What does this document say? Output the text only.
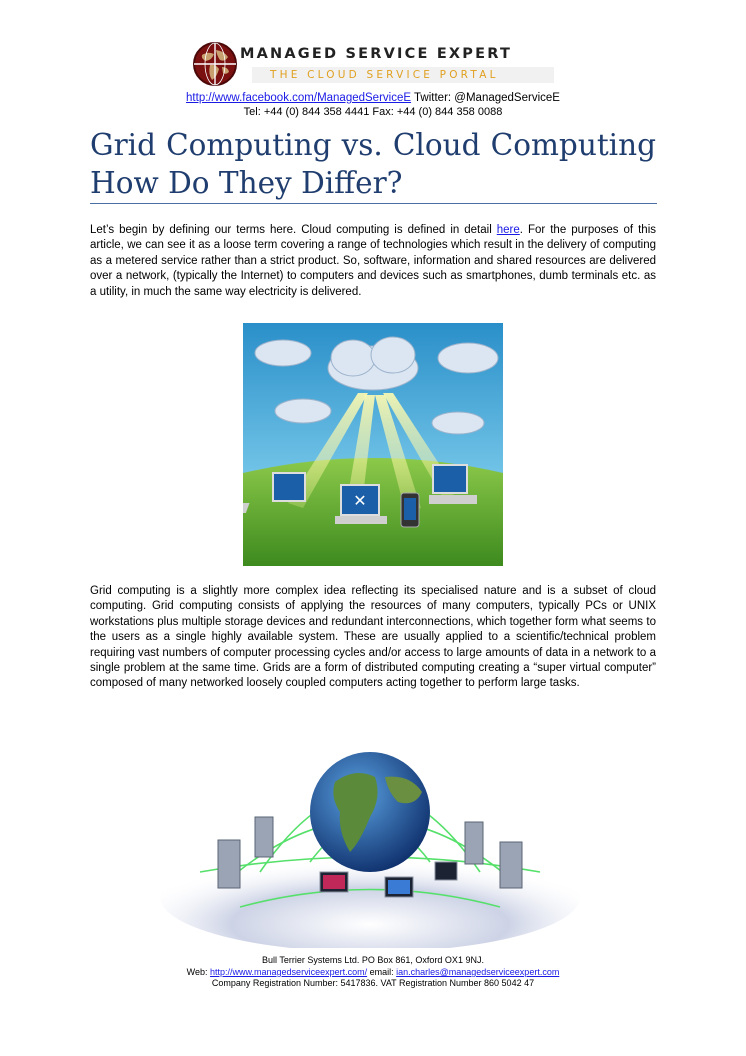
MANAGED SERVICE EXPERT
THE CLOUD SERVICE PORTAL
http://www.facebook.com/ManagedServiceE Twitter: @ManagedServiceE
Tel: +44 (0) 844 358 4441 Fax: +44 (0) 844 358 0088
Grid Computing vs. Cloud Computing
How Do They Differ?

Let’s begin by defining our terms here. Cloud computing is defined in detail here. For the purposes of this article, we can see it as a loose term covering a range of technologies which result in the delivery of computing as a metered service rather than a strict product. So, software, information and shared resources are delivered over a network, (typically the Internet) to computers and devices such as smartphones, dumb terminals etc. as a utility, in much the same way electricity is delivered.

✕

Grid computing is a slightly more complex idea reflecting its specialised nature and is a subset of cloud computing. Grid computing consists of applying the resources of many computers, typically PCs or UNIX workstations plus multiple storage devices and redundant interconnections, which together form what seems to the users as a single highly available system. These are usually applied to a scientific/technical problem requiring vast numbers of computer processing cycles and/or access to large amounts of data in a network to a single problem at the same time. Grids are a form of distributed computing creating a “super virtual computer” composed of many networked loosely coupled computers acting together to perform large tasks.

Bull Terrier Systems Ltd. PO Box 861, Oxford OX1 9NJ.
Web: http://www.managedserviceexpert.com/ email: ian.charles@managedserviceexpert.com
Company Registration Number: 5417836. VAT Registration Number 860 5042 47
